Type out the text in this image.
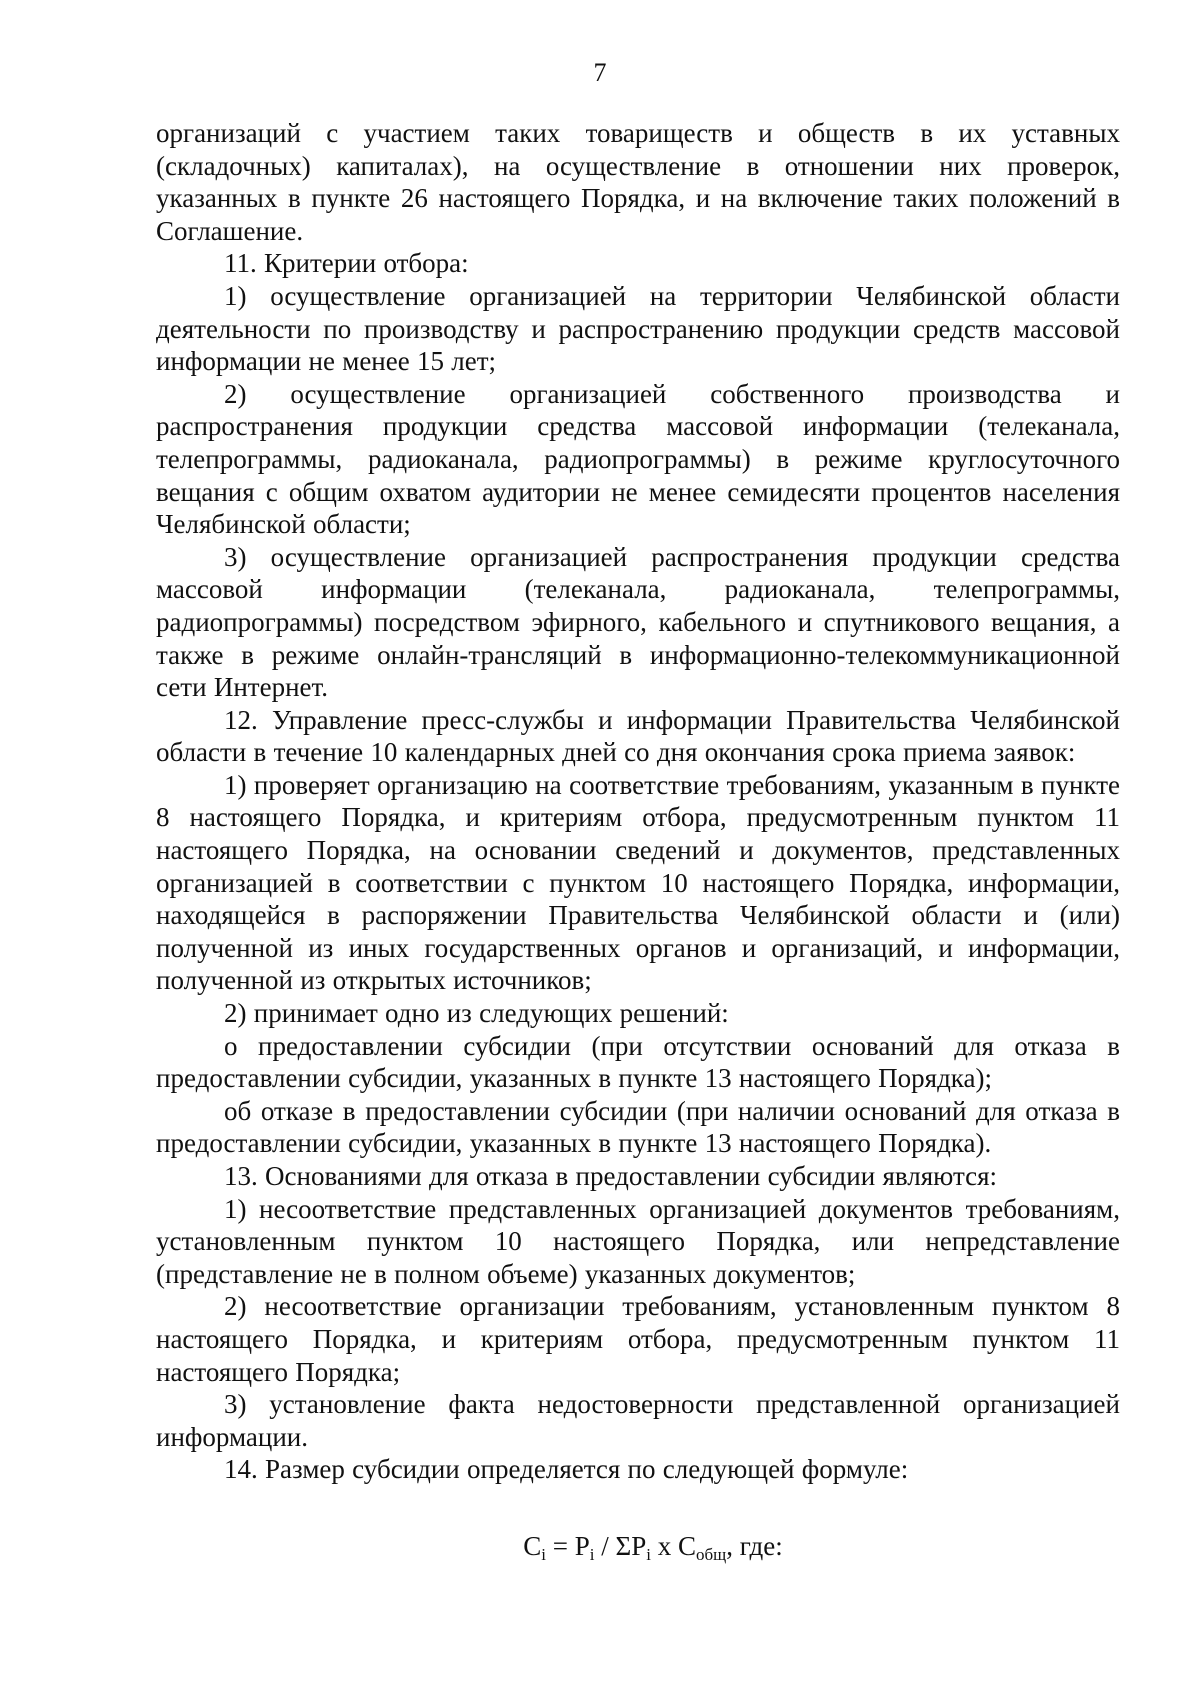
7

организаций с участием таких товариществ и обществ в их уставных (складочных) капиталах), на осуществление в отношении них проверок, указанных в пункте 26 настоящего Порядка, и на включение таких положений в Соглашение.

11. Критерии отбора:

1) осуществление организацией на территории Челябинской области деятельности по производству и распространению продукции средств массовой информации не менее 15 лет;

2) осуществление организацией собственного производства и распространения продукции средства массовой информации (телеканала, телепрограммы, радиоканала, радиопрограммы) в режиме круглосуточного вещания с общим охватом аудитории не менее семидесяти процентов населения Челябинской области;

3) осуществление организацией распространения продукции средства массовой информации (телеканала, радиоканала, телепрограммы, радиопрограммы) посредством эфирного, кабельного и спутникового вещания, а также в режиме онлайн-трансляций в информационно-телекоммуникационной сети Интернет.

12. Управление пресс-службы и информации Правительства Челябинской области в течение 10 календарных дней со дня окончания срока приема заявок:

1) проверяет организацию на соответствие требованиям, указанным в пункте 8 настоящего Порядка, и критериям отбора, предусмотренным пунктом 11 настоящего Порядка, на основании сведений и документов, представленных организацией в соответствии с пунктом 10 настоящего Порядка, информации, находящейся в распоряжении Правительства Челябинской области и (или) полученной из иных государственных органов и организаций, и информации, полученной из открытых источников;

2) принимает одно из следующих решений:

о предоставлении субсидии (при отсутствии оснований для отказа в предоставлении субсидии, указанных в пункте 13 настоящего Порядка);

об отказе в предоставлении субсидии (при наличии оснований для отказа в предоставлении субсидии, указанных в пункте 13 настоящего Порядка).

13. Основаниями для отказа в предоставлении субсидии являются:

1) несоответствие представленных организацией документов требованиям, установленным пунктом 10 настоящего Порядка, или непредставление (представление не в полном объеме) указанных документов;

2) несоответствие организации требованиям, установленным пунктом 8 настоящего Порядка, и критериям отбора, предусмотренным пунктом 11 настоящего Порядка;

3) установление факта недостоверности представленной организацией информации.

14. Размер субсидии определяется по следующей формуле:

$C_i = P_i / \Sigma P_i$ x $C_{общ}$, где:
